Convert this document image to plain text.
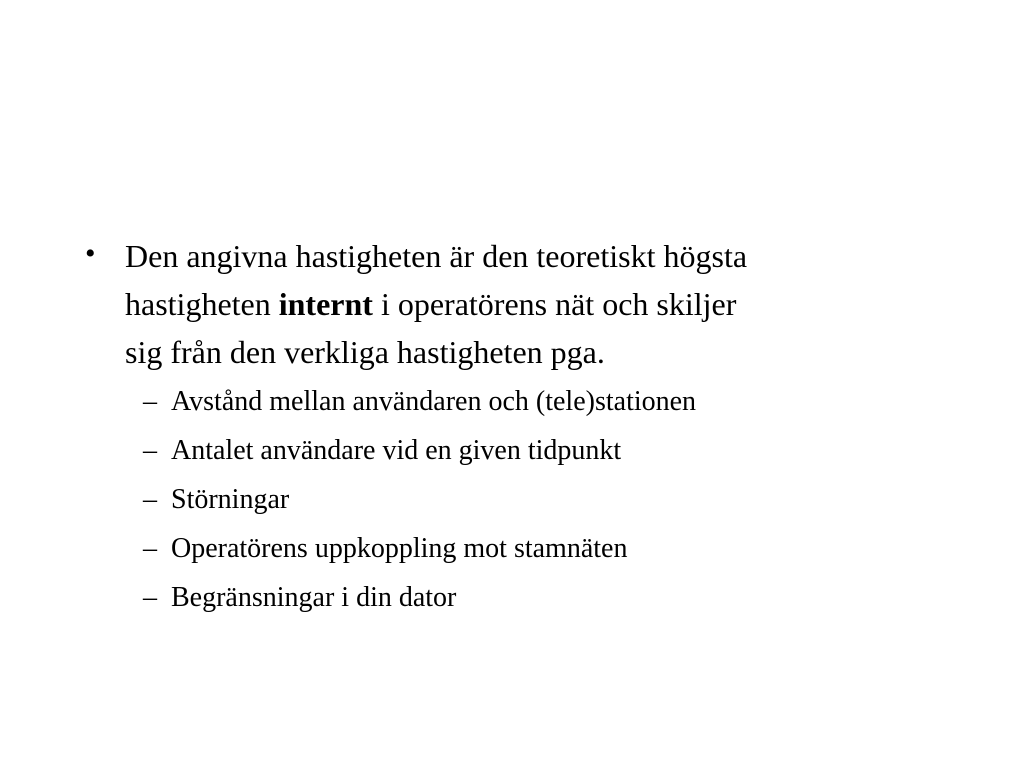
• Den angivna hastigheten är den teoretiskt högsta
hastigheten internt i operatörens nät och skiljer
sig från den verkliga hastigheten pga.
– Avstånd mellan användaren och (tele)stationen
– Antalet användare vid en given tidpunkt
– Störningar
– Operatörens uppkoppling mot stamnäten
– Begränsningar i din dator
